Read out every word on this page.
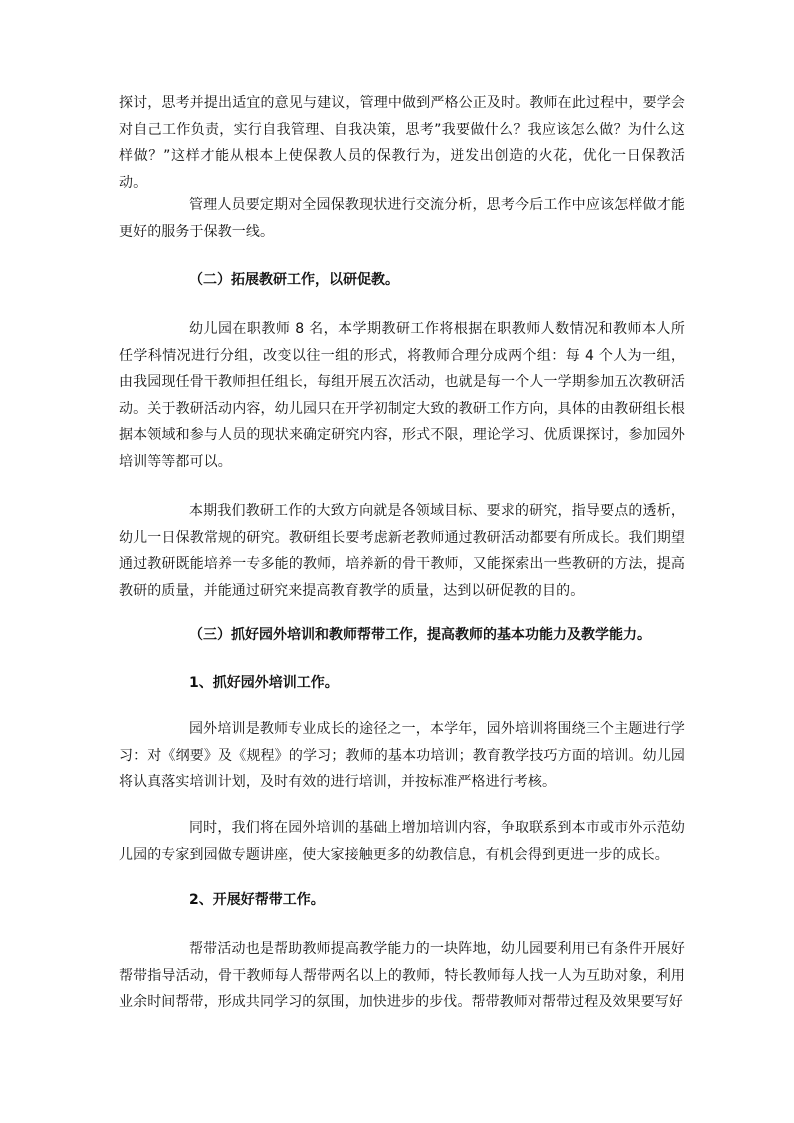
探讨，思考并提出适宜的意见与建议，管理中做到严格公正及时。教师在此过程中，要学会对自己工作负责，实行自我管理、自我决策，思考”我要做什么？我应该怎么做？为什么这样做？”这样才能从根本上使保教人员的保教行为，迸发出创造的火花，优化一日保教活动。

管理人员要定期对全园保教现状进行交流分析，思考今后工作中应该怎样做才能更好的服务于保教一线。

（二）拓展教研工作，以研促教。

幼儿园在职教师 8 名，本学期教研工作将根据在职教师人数情况和教师本人所任学科情况进行分组，改变以往一组的形式，将教师合理分成两个组：每 4 个人为一组，由我园现任骨干教师担任组长，每组开展五次活动，也就是每一个人一学期参加五次教研活动。关于教研活动内容，幼儿园只在开学初制定大致的教研工作方向，具体的由教研组长根据本领域和参与人员的现状来确定研究内容，形式不限，理论学习、优质课探讨，参加园外培训等等都可以。

本期我们教研工作的大致方向就是各领域目标、要求的研究，指导要点的透析，幼儿一日保教常规的研究。教研组长要考虑新老教师通过教研活动都要有所成长。我们期望通过教研既能培养一专多能的教师，培养新的骨干教师，又能探索出一些教研的方法，提高教研的质量，并能通过研究来提高教育教学的质量，达到以研促教的目的。

（三）抓好园外培训和教师帮带工作，提高教师的基本功能力及教学能力。

1、抓好园外培训工作。

园外培训是教师专业成长的途径之一，本学年，园外培训将围绕三个主题进行学习：对《纲要》及《规程》的学习；教师的基本功培训；教育教学技巧方面的培训。幼儿园将认真落实培训计划，及时有效的进行培训，并按标准严格进行考核。

同时，我们将在园外培训的基础上增加培训内容，争取联系到本市或市外示范幼儿园的专家到园做专题讲座，使大家接触更多的幼教信息，有机会得到更进一步的成长。

2、开展好帮带工作。

帮带活动也是帮助教师提高教学能力的一块阵地，幼儿园要利用已有条件开展好帮带指导活动，骨干教师每人帮带两名以上的教师，特长教师每人找一人为互助对象，利用业余时间帮带，形成共同学习的氛围，加快进步的步伐。帮带教师对帮带过程及效果要写好
